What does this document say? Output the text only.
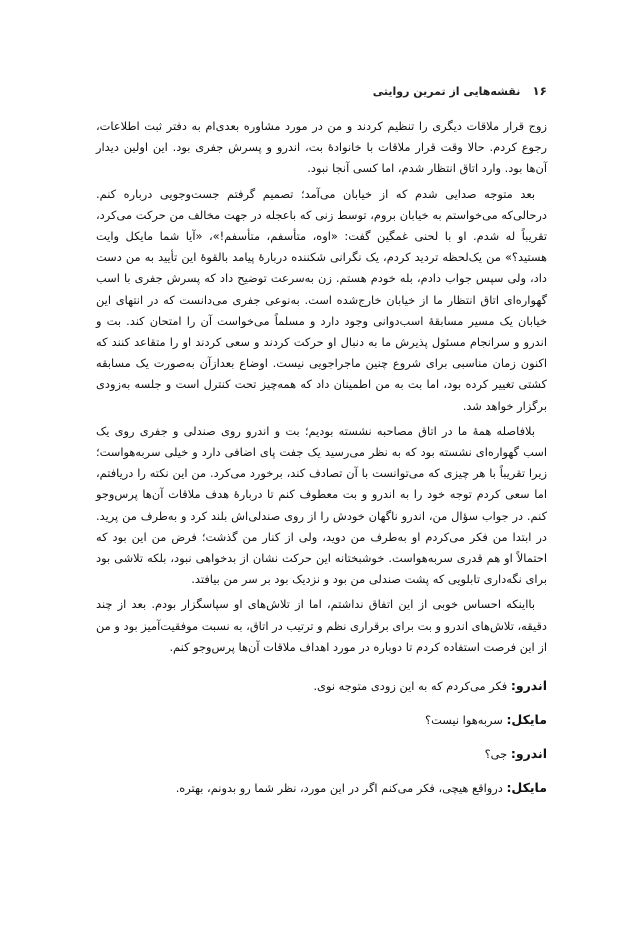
۱۶
نقشه‌هایی از تمرین روایتی

زوج قرار ملاقات دیگری را تنظیم کردند و من در مورد مشاوره بعدی‌ام به دفتر ثبت اطلاعات، رجوع کردم. حالا وقت قرار ملاقات با خانوادهٔ بت، اندرو و پسرش جفری بود. این اولین دیدار آن‌ها بود. وارد اتاق انتظار شدم، اما کسی آنجا نبود.

بعد متوجه صدایی شدم که از خیابان می‌آمد؛ تصمیم گرفتم جست‌وجویی درباره کنم. درحالی‌که می‌خواستم به خیابان بروم، توسط زنی که باعجله در جهت مخالف من حرکت می‌کرد، تقریباً له شدم. او با لحنی غمگین گفت: «اوه، متأسفم، متأسفم!»، «آیا شما مایکل وایت هستید؟» من یک‌لحظه تردید کردم، یک نگرانی شکننده دربارهٔ پیامد بالقوهٔ این تأیید به من دست داد، ولی سپس جواب دادم، بله خودم هستم. زن به‌سرعت توضیح داد که پسرش جفری با اسب گهواره‌ای اتاق انتظار ما از خیابان خارج‌شده است. به‌نوعی جفری می‌دانست که در انتهای این خیابان یک مسیر مسابقهٔ اسب‌دوانی وجود دارد و مسلماً می‌خواست آن را امتحان کند. بت و اندرو و سرانجام مسئول پذیرش ما به دنبال او حرکت کردند و سعی کردند او را متقاعد کنند که اکنون زمان مناسبی برای شروع چنین ماجراجویی نیست. اوضاع بعدازآن به‌صورت یک مسابقه کشتی تغییر کرده بود، اما بت به من اطمینان داد که همه‌چیز تحت کنترل است و جلسه به‌زودی برگزار خواهد شد.

بلافاصله همهٔ ما در اتاق مصاحبه نشسته بودیم؛ بت و اندرو روی صندلی و جفری روی یک اسب گهواره‌ای نشسته بود که به نظر می‌رسید یک جفت پای اضافی دارد و خیلی سربه‌هواست؛ زیرا تقریباً با هر چیزی که می‌توانست با آن تصادف کند، برخورد می‌کرد. من این نکته را دریافتم، اما سعی کردم توجه خود را به اندرو و بت معطوف کنم تا دربارهٔ هدف ملاقات آن‌ها پرس‌وجو کنم. در جواب سؤال من، اندرو ناگهان خودش را از روی صندلی‌اش بلند کرد و به‌طرف من پرید. در ابتدا من فکر می‌کردم او به‌طرف من دوید، ولی از کنار من گذشت؛ فرض من این بود که احتمالاً او هم قدری سربه‌هواست. خوشبختانه این حرکت نشان از بدخواهی نبود، بلکه تلاشی بود برای نگه‌داری تابلویی که پشت صندلی من بود و نزدیک بود بر سر من بیافتد.

بااینکه احساس خوبی از این اتفاق نداشتم، اما از تلاش‌های او سپاسگزار بودم. بعد از چند دقیقه، تلاش‌های اندرو و بت برای برقراری نظم و ترتیب در اتاق، به نسبت موفقیت‌آمیز بود و من از این فرصت استفاده کردم تا دوباره در مورد اهداف ملاقات آن‌ها پرس‌وجو کنم.

اندرو: فکر می‌کردم که به این زودی متوجه نوی.
مایکل: سربه‌هوا نیست؟
اندرو: جی؟
مایکل: درواقع هیچی، فکر می‌کنم اگر در این مورد، نظر شما رو بدونم، بهتره.
